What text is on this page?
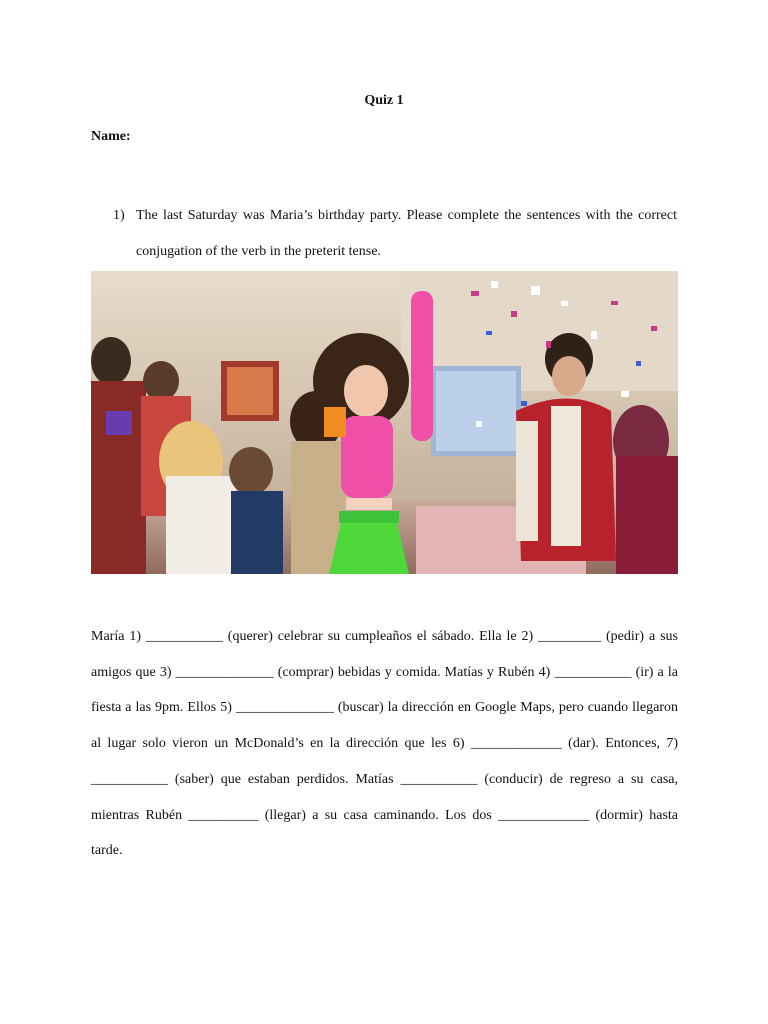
Quiz 1
Name:
1) The last Saturday was Maria’s birthday party. Please complete the sentences with the correct conjugation of the verb in the preterit tense.
María 1) ___________ (querer) celebrar su cumpleaños el sábado. Ella le 2) _________ (pedir) a sus amigos que 3) ______________ (comprar) bebidas y comida. Matías y Rubén 4) ___________ (ir) a la fiesta a las 9pm. Ellos 5) ______________ (buscar) la dirección en Google Maps, pero cuando llegaron al lugar solo vieron un McDonald’s en la dirección que les 6) _____________ (dar). Entonces, 7) ___________ (saber) que estaban perdidos. Matías ___________ (conducir) de regreso a su casa, mientras Rubén __________ (llegar) a su casa caminando. Los dos _____________ (dormir) hasta tarde.
